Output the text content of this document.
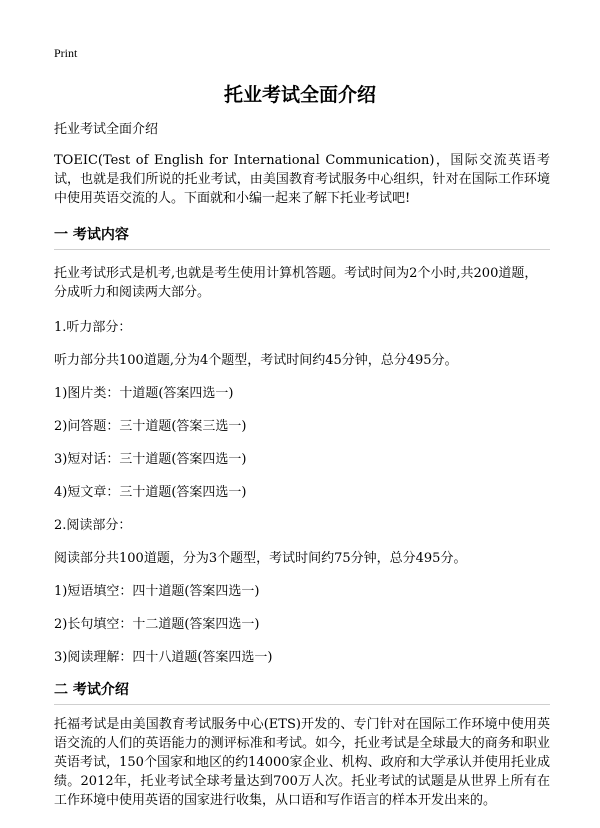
Print
托业考试全面介绍

托业考试全面介绍

TOEIC(Test of English for International Communication)，国际交流英语考试，也就是我们所说的托业考试，由美国教育考试服务中心组织，针对在国际工作环境中使用英语交流的人。下面就和小编一起来了解下托业考试吧!

一 考试内容

托业考试形式是机考,也就是考生使用计算机答题。考试时间为2个小时,共200道题，分成听力和阅读两大部分。

1.听力部分：

听力部分共100道题,分为4个题型，考试时间约45分钟，总分495分。

1)图片类：十道题(答案四选一)

2)问答题：三十道题(答案三选一)

3)短对话：三十道题(答案四选一)

4)短文章：三十道题(答案四选一)

2.阅读部分：

阅读部分共100道题，分为3个题型，考试时间约75分钟，总分495分。

1)短语填空：四十道题(答案四选一)

2)长句填空：十二道题(答案四选一)

3)阅读理解：四十八道题(答案四选一)

二 考试介绍

托福考试是由美国教育考试服务中心(ETS)开发的、专门针对在国际工作环境中使用英语交流的人们的英语能力的测评标准和考试。如今，托业考试是全球最大的商务和职业英语考试，150个国家和地区的约14000家企业、机构、政府和大学承认并使用托业成绩。2012年，托业考试全球考量达到700万人次。托业考试的试题是从世界上所有在工作环境中使用英语的国家进行收集，从口语和写作语言的样本开发出来的。
